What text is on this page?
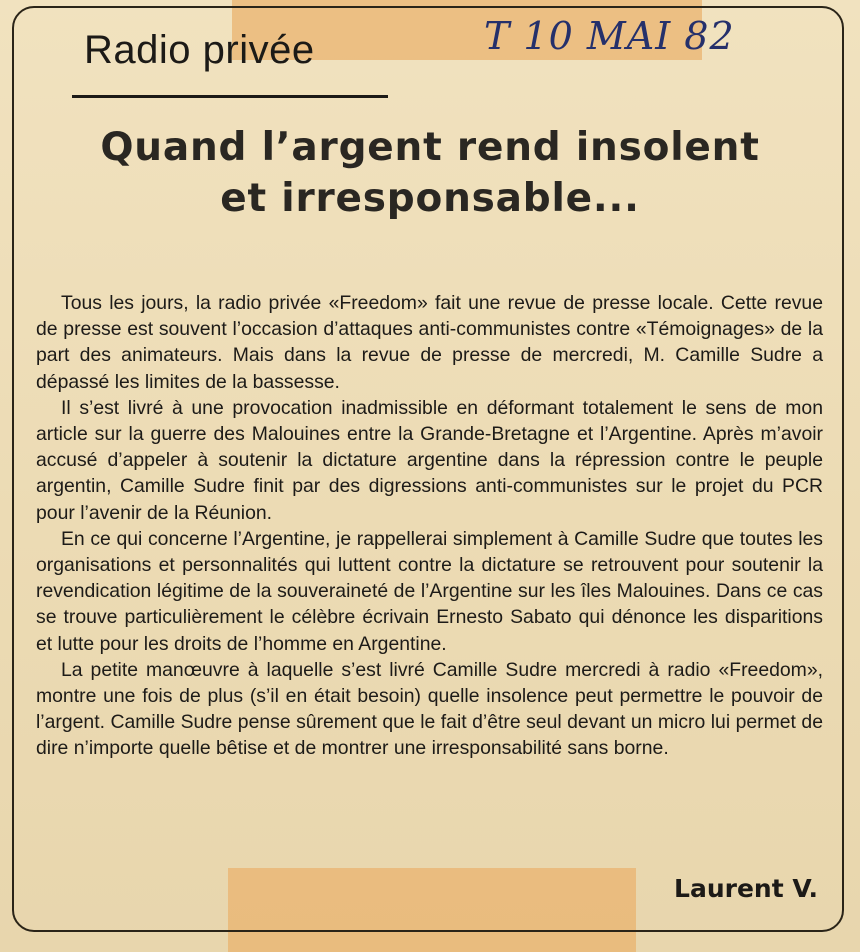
Radio privée	T 10 MAI 82
Quand l’argent rend insolent
et irresponsable...

Tous les jours, la radio privée «Freedom» fait une revue de presse locale. Cette revue de presse est souvent l’occasion d’attaques anti-communistes contre «Témoignages» de la part des animateurs. Mais dans la revue de presse de mercredi, M. Camille Sudre a dépassé les limites de la bassesse.

Il s’est livré à une provocation inadmissible en déformant totalement le sens de mon article sur la guerre des Malouines entre la Grande-Bretagne et l’Argentine. Après m’avoir accusé d’appeler à soutenir la dictature argentine dans la répression contre le peuple argentin, Camille Sudre finit par des digressions anti-communistes sur le projet du PCR pour l’avenir de la Réunion.

En ce qui concerne l’Argentine, je rappellerai simplement à Camille Sudre que toutes les organisations et personnalités qui luttent contre la dictature se retrouvent pour soutenir la revendication légitime de la souveraineté de l’Argentine sur les îles Malouines. Dans ce cas se trouve particulièrement le célèbre écrivain Ernesto Sabato qui dénonce les disparitions et lutte pour les droits de l’homme en Argentine.

La petite manœuvre à laquelle s’est livré Camille Sudre mercredi à radio «Freedom», montre une fois de plus (s’il en était besoin) quelle insolence peut permettre le pouvoir de l’argent. Camille Sudre pense sûrement que le fait d’être seul devant un micro lui permet de dire n’importe quelle bêtise et de montrer une irresponsabilité sans borne.

Laurent V.
